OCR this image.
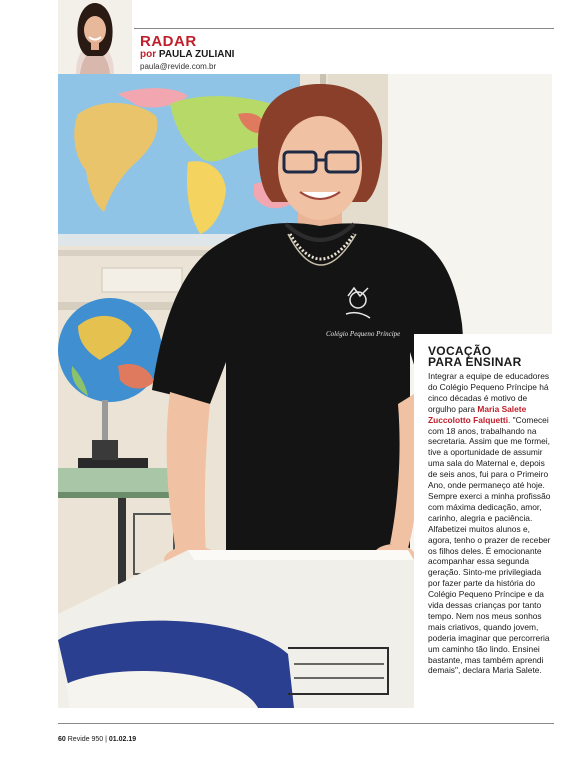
RADAR
por PAULA ZULIANI
paula@revide.com.br
Colégio Pequeno Príncipe
VOCAÇÃO
PARA ENSINAR
Integrar a equipe de educadores do Colégio Pequeno Príncipe há cinco décadas é motivo de orgulho para Maria Salete Zuccolotto Falquetti. "Comecei com 18 anos, trabalhando na secretaria. Assim que me formei, tive a oportunidade de assumir uma sala do Maternal e, depois de seis anos, fui para o Primeiro Ano, onde permaneço até hoje. Sempre exerci a minha profissão com máxima dedicação, amor, carinho, alegria e paciência. Alfabetizei muitos alunos e, agora, tenho o prazer de receber os filhos deles. É emocionante acompanhar essa segunda geração. Sinto-me privilegiada por fazer parte da história do Colégio Pequeno Príncipe e da vida dessas crianças por tanto tempo. Nem nos meus sonhos mais criativos, quando jovem, poderia imaginar que percorreria um caminho tão lindo. Ensinei bastante, mas também aprendi demais", declara Maria Salete.
60 Revide 950 | 01.02.19
